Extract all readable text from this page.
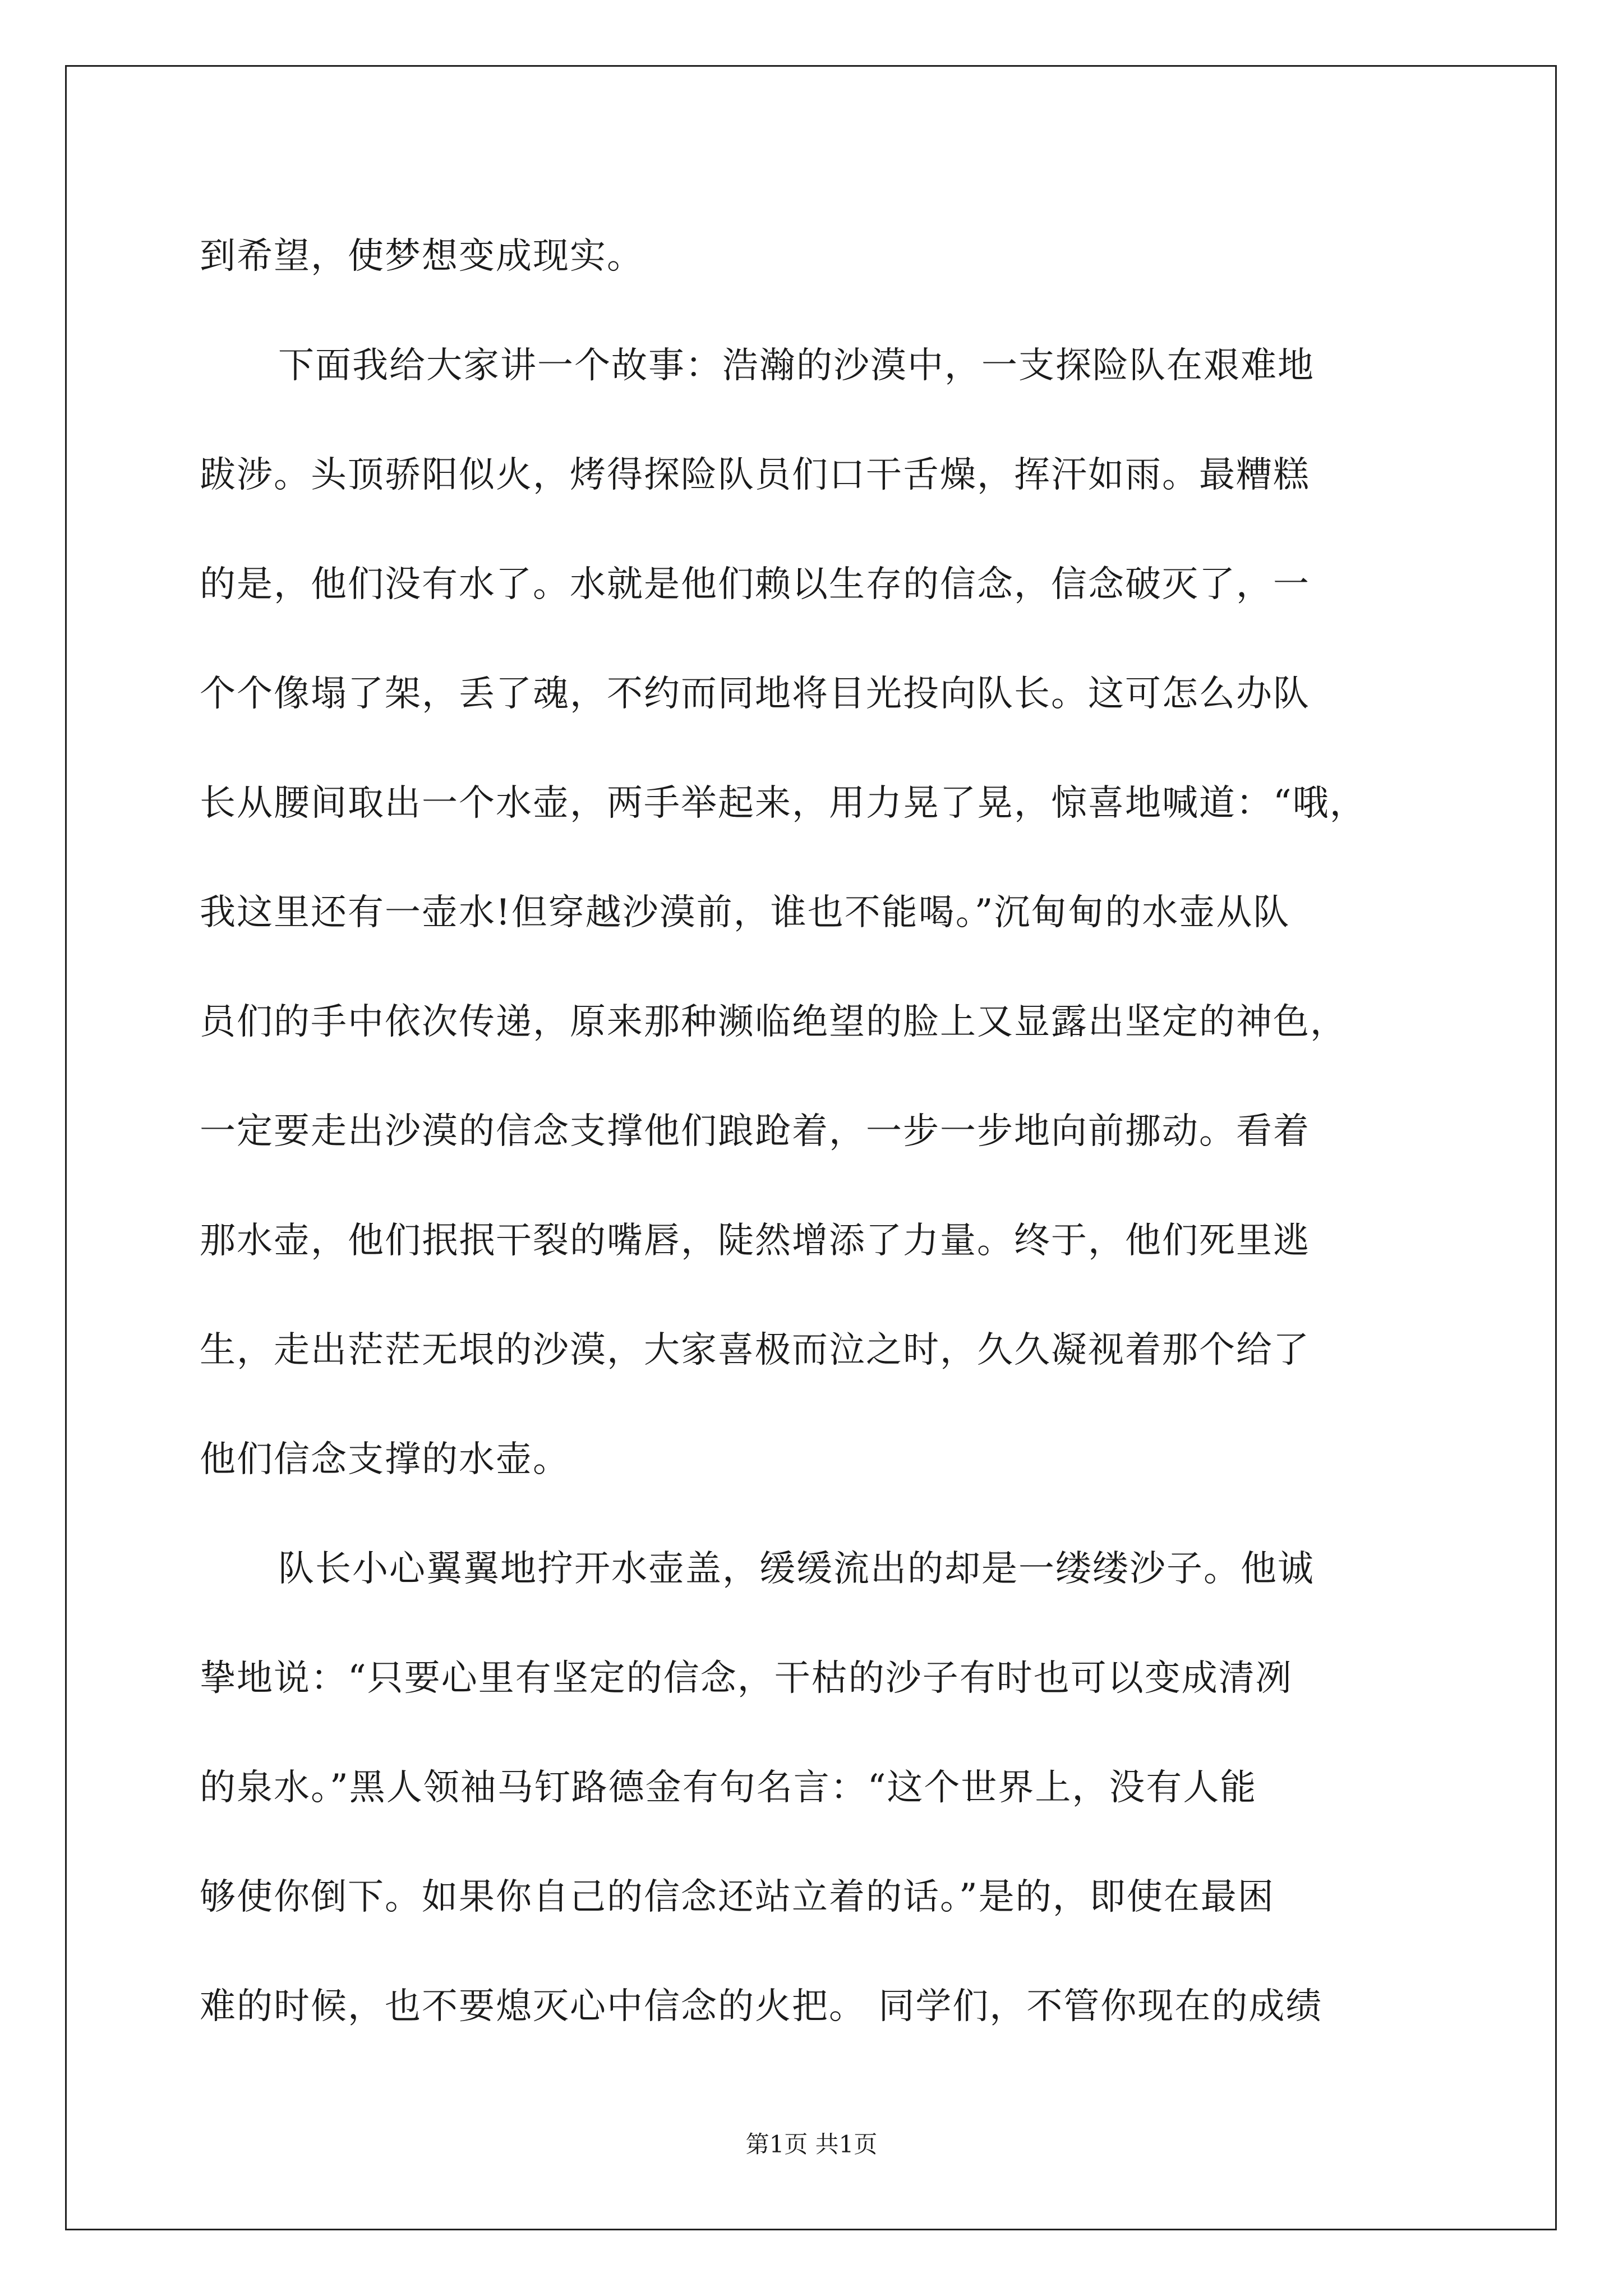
到希望，使梦想变成现实。
下面我给大家讲一个故事：浩瀚的沙漠中，一支探险队在艰难地
跋涉。头顶骄阳似火，烤得探险队员们口干舌燥，挥汗如雨。最糟糕
的是，他们没有水了。水就是他们赖以生存的信念，信念破灭了，一
个个像塌了架，丢了魂，不约而同地将目光投向队长。这可怎么办队
长从腰间取出一个水壶，两手举起来，用力晃了晃，惊喜地喊道：“哦，
我这里还有一壶水!但穿越沙漠前，谁也不能喝。”沉甸甸的水壶从队
员们的手中依次传递，原来那种濒临绝望的脸上又显露出坚定的神色，
一定要走出沙漠的信念支撑他们踉跄着，一步一步地向前挪动。看着
那水壶，他们抿抿干裂的嘴唇，陡然增添了力量。终于，他们死里逃
生，走出茫茫无垠的沙漠，大家喜极而泣之时，久久凝视着那个给了
他们信念支撑的水壶。
队长小心翼翼地拧开水壶盖，缓缓流出的却是一缕缕沙子。他诚
挚地说：“只要心里有坚定的信念，干枯的沙子有时也可以变成清冽
的泉水。”黑人领袖马钉路德金有句名言：“这个世界上，没有人能
够使你倒下。如果你自己的信念还站立着的话。”是的，即使在最困
难的时候，也不要熄灭心中信念的火把。 同学们，不管你现在的成绩
第1页 共1页
